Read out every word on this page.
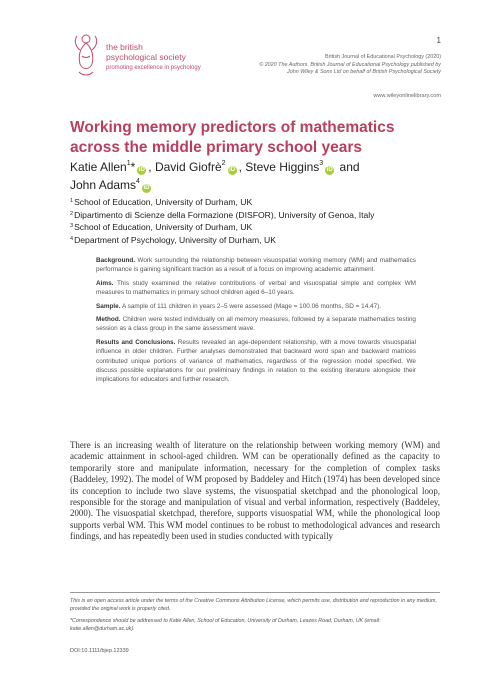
1
the british
psychological society
promoting excellence in psychology
British Journal of Educational Psychology (2020)
© 2020 The Authors. British Journal of Educational Psychology published by
John Wiley & Sons Ltd on behalf of British Psychological Society
www.wileyonlinelibrary.com
Working memory predictors of mathematics across the middle primary school years
Katie Allen$^1$* iD , David Giofrè$^2$iD , Steve Higgins$^3$iD and
John Adams$^4$iD
$^1$School of Education, University of Durham, UK
$^2$Dipartimento di Scienze della Formazione (DISFOR), University of Genoa, Italy
$^3$School of Education, University of Durham, UK
$^4$Department of Psychology, University of Durham, UK

Background. Work surrounding the relationship between visuospatial working memory (WM) and mathematics performance is gaining significant traction as a result of a focus on improving academic attainment.

Aims. This study examined the relative contributions of verbal and visuospatial simple and complex WM measures to mathematics in primary school children aged 6–10 years.

Sample. A sample of 111 children in years 2–5 were assessed (Mage = 100.06 months, SD = 14.47).

Method. Children were tested individually on all memory measures, followed by a separate mathematics testing session as a class group in the same assessment wave.

Results and Conclusions. Results revealed an age-dependent relationship, with a move towards visuospatial influence in older children. Further analyses demonstrated that backward word span and backward matrices contributed unique portions of variance of mathematics, regardless of the regression model specified. We discuss possible explanations for our preliminary findings in relation to the existing literature alongside their implications for educators and further research.

There is an increasing wealth of literature on the relationship between working memory (WM) and academic attainment in school-aged children. WM can be operationally defined as the capacity to temporarily store and manipulate information, necessary for the completion of complex tasks (Baddeley, 1992). The model of WM proposed by Baddeley and Hitch (1974) has been developed since its conception to include two slave systems, the visuospatial sketchpad and the phonological loop, responsible for the storage and manipulation of visual and verbal information, respectively (Baddeley, 2000). The visuospatial sketchpad, therefore, supports visuospatial WM, while the phonological loop supports verbal WM. This WM model continues to be robust to methodological advances and research findings, and has repeatedly been used in studies conducted with typically

This is an open access article under the terms of the Creative Commons Attribution License, which permits use, distribution and reproduction in any medium, provided the original work is properly cited.
*Correspondence should be addressed to Katie Allen, School of Education, University of Durham, Leazes Road, Durham, UK (email: katie.allen@durham.ac.uk).
DOI:10.1111/bjep.12339
